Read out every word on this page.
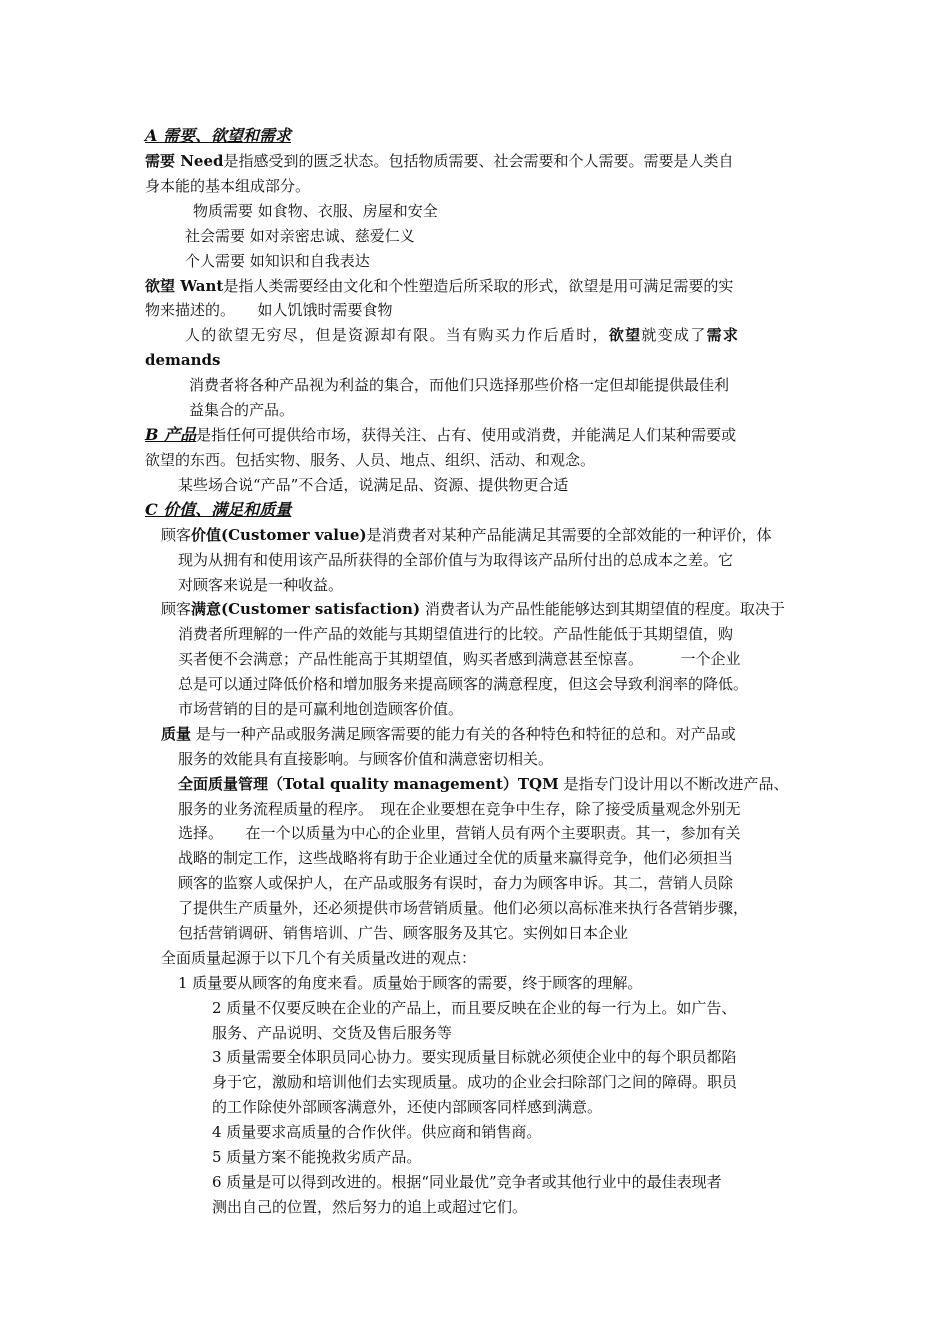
A 需要、欲望和需求
需要 Need是指感受到的匮乏状态。包括物质需要、社会需要和个人需要。需要是人类自
身本能的基本组成部分。
物质需要 如食物、衣服、房屋和安全
社会需要 如对亲密忠诚、慈爱仁义
个人需要 如知识和自我表达
欲望 Want是指人类需要经由文化和个性塑造后所采取的形式，欲望是用可满足需要的实
物来描述的。　　如人饥饿时需要食物
人的欲望无穷尽，但是资源却有限。当有购买力作后盾时，欲望就变成了需求
demands
消费者将各种产品视为利益的集合，而他们只选择那些价格一定但却能提供最佳利
益集合的产品。
B 产品是指任何可提供给市场，获得关注、占有、使用或消费，并能满足人们某种需要或
欲望的东西。包括实物、服务、人员、地点、组织、活动、和观念。
某些场合说“产品”不合适，说满足品、资源、提供物更合适
C 价值、满足和质量
顾客价值(Customer value)是消费者对某种产品能满足其需要的全部效能的一种评价，体
现为从拥有和使用该产品所获得的全部价值与为取得该产品所付出的总成本之差。它
对顾客来说是一种收益。
顾客满意(Customer satisfaction) 消费者认为产品性能能够达到其期望值的程度。取决于
消费者所理解的一件产品的效能与其期望值进行的比较。产品性能低于其期望值，购
买者便不会满意；产品性能高于其期望值，购买者感到满意甚至惊喜。　　　一个企业
总是可以通过降低价格和增加服务来提高顾客的满意程度，但这会导致利润率的降低。
市场营销的目的是可赢利地创造顾客价值。
质量 是与一种产品或服务满足顾客需要的能力有关的各种特色和特征的总和。对产品或
服务的效能具有直接影响。与顾客价值和满意密切相关。
全面质量管理（Total quality management）TQM 是指专门设计用以不断改进产品、
服务的业务流程质量的程序。　现在企业要想在竞争中生存，除了接受质量观念外别无
选择。　　在一个以质量为中心的企业里，营销人员有两个主要职责。其一，参加有关
战略的制定工作，这些战略将有助于企业通过全优的质量来赢得竞争，他们必须担当
顾客的监察人或保护人，在产品或服务有误时，奋力为顾客申诉。其二，营销人员除
了提供生产质量外，还必须提供市场营销质量。他们必须以高标准来执行各营销步骤，
包括营销调研、销售培训、广告、顾客服务及其它。实例如日本企业
全面质量起源于以下几个有关质量改进的观点：
1 质量要从顾客的角度来看。质量始于顾客的需要，终于顾客的理解。
2 质量不仅要反映在企业的产品上，而且要反映在企业的每一行为上。如广告、
服务、产品说明、交货及售后服务等
3 质量需要全体职员同心协力。要实现质量目标就必须使企业中的每个职员都陷
身于它，激励和培训他们去实现质量。成功的企业会扫除部门之间的障碍。职员
的工作除使外部顾客满意外，还使内部顾客同样感到满意。
4 质量要求高质量的合作伙伴。供应商和销售商。
5 质量方案不能挽救劣质产品。
6 质量是可以得到改进的。根据“同业最优”竞争者或其他行业中的最佳表现者
测出自己的位置，然后努力的追上或超过它们。
